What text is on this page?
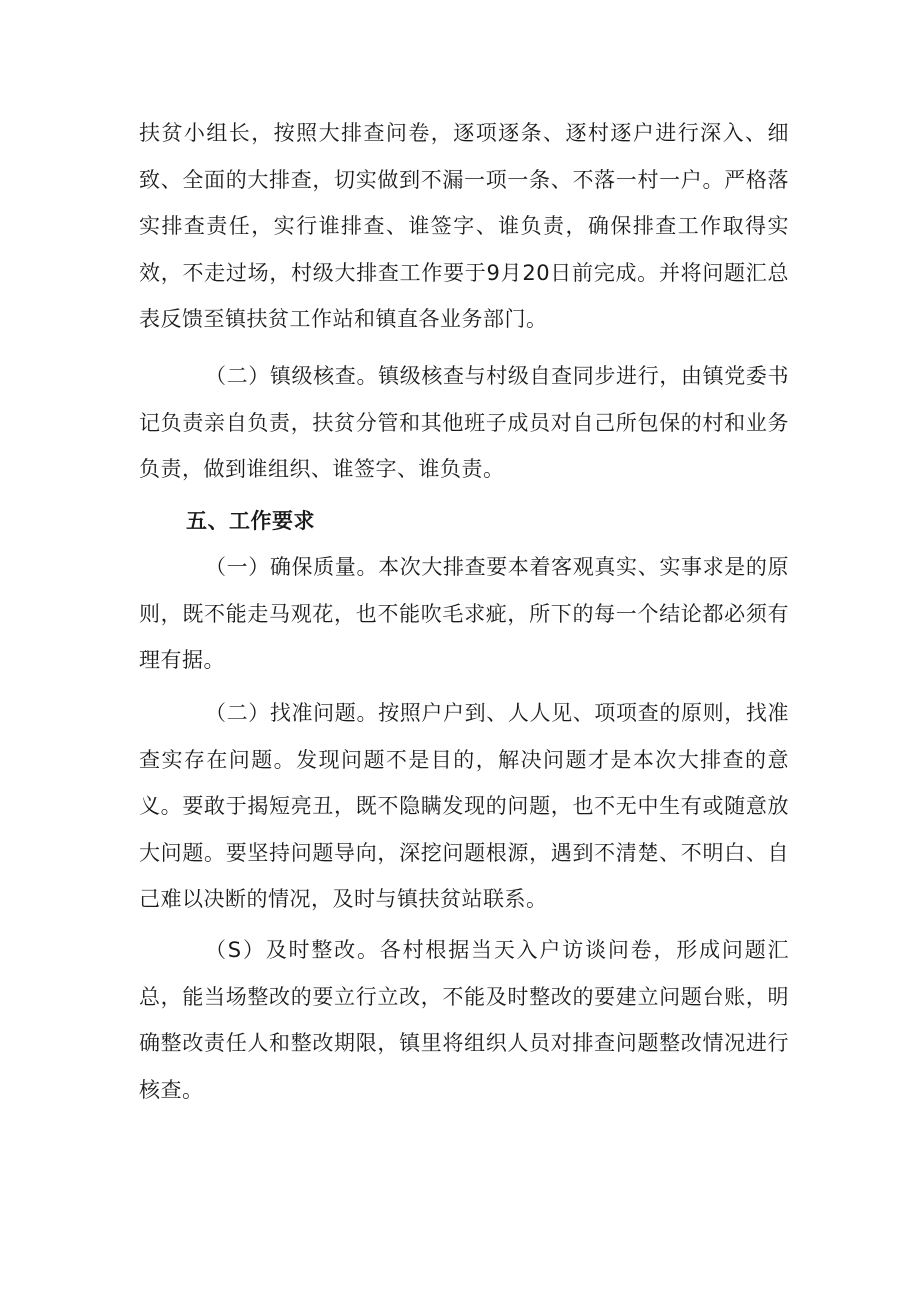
扶贫小组长，按照大排查问卷，逐项逐条、逐村逐户进行深入、细致、全面的大排查，切实做到不漏一项一条、不落一村一户。严格落实排查责任，实行谁排查、谁签字、谁负责，确保排查工作取得实效，不走过场，村级大排查工作要于9月20日前完成。并将问题汇总表反馈至镇扶贫工作站和镇直各业务部门。

（二）镇级核查。镇级核查与村级自查同步进行，由镇党委书记负责亲自负责，扶贫分管和其他班子成员对自己所包保的村和业务负责，做到谁组织、谁签字、谁负责。

五、工作要求

（一）确保质量。本次大排查要本着客观真实、实事求是的原则，既不能走马观花，也不能吹毛求疵，所下的每一个结论都必须有理有据。

（二）找准问题。按照户户到、人人见、项项查的原则，找准查实存在问题。发现问题不是目的，解决问题才是本次大排查的意义。要敢于揭短亮丑，既不隐瞒发现的问题，也不无中生有或随意放大问题。要坚持问题导向，深挖问题根源，遇到不清楚、不明白、自己难以决断的情况，及时与镇扶贫站联系。

（S）及时整改。各村根据当天入户访谈问卷，形成问题汇总，能当场整改的要立行立改，不能及时整改的要建立问题台账，明确整改责任人和整改期限，镇里将组织人员对排查问题整改情况进行核查。
